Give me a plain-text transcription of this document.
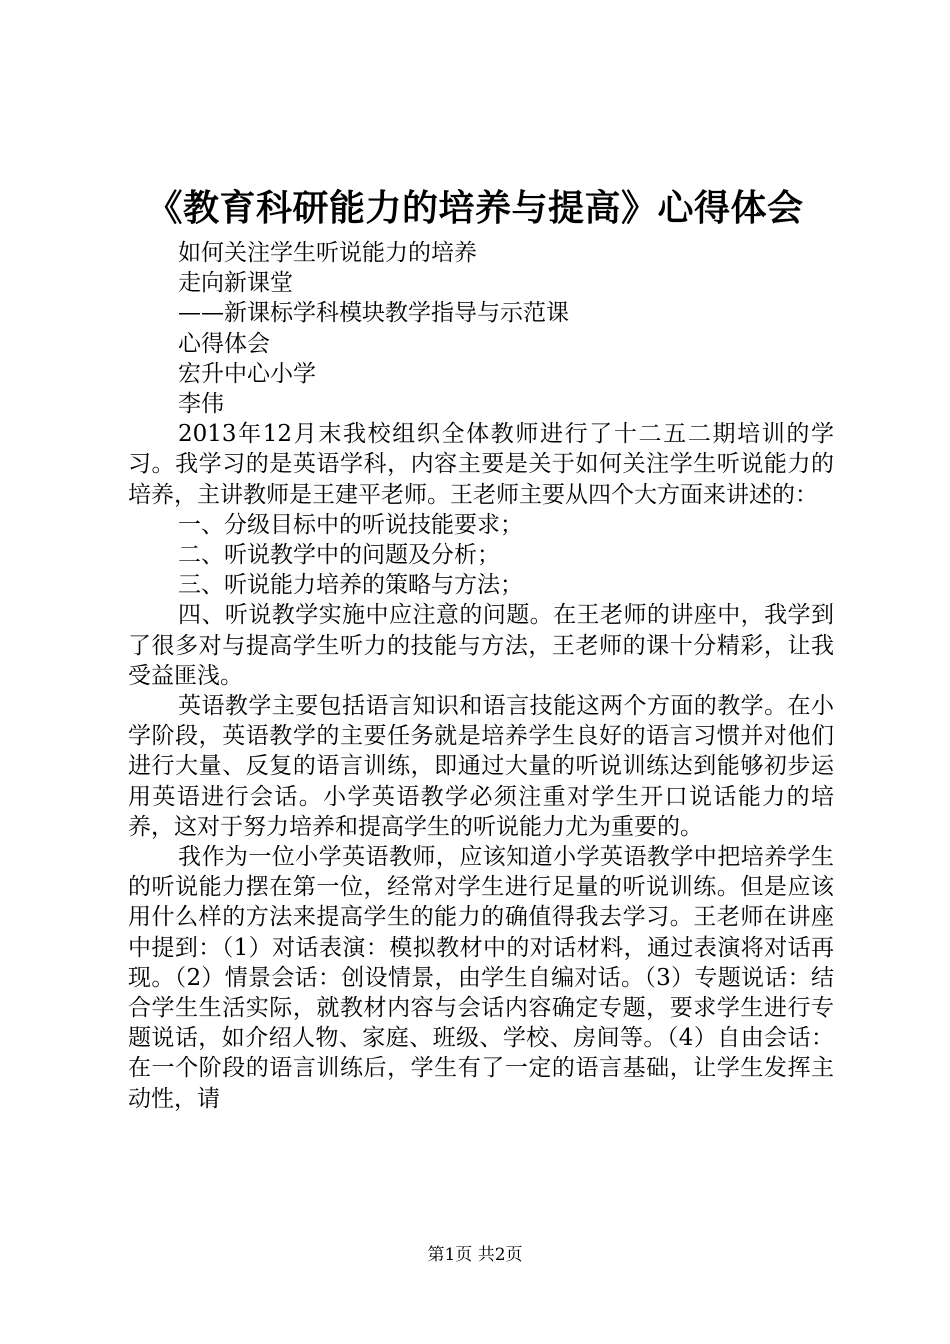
《教育科研能力的培养与提高》心得体会
如何关注学生听说能力的培养
走向新课堂
——新课标学科模块教学指导与示范课
心得体会
宏升中心小学
李伟

2013年12月末我校组织全体教师进行了十二五二期培训的学习。我学习的是英语学科，内容主要是关于如何关注学生听说能力的培养，主讲教师是王建平老师。王老师主要从四个大方面来讲述的：

一、分级目标中的听说技能要求；

二、听说教学中的问题及分析；

三、听说能力培养的策略与方法；

四、听说教学实施中应注意的问题。在王老师的讲座中，我学到了很多对与提高学生听力的技能与方法，王老师的课十分精彩，让我受益匪浅。

英语教学主要包括语言知识和语言技能这两个方面的教学。在小学阶段，英语教学的主要任务就是培养学生良好的语言习惯并对他们进行大量、反复的语言训练，即通过大量的听说训练达到能够初步运用英语进行会话。小学英语教学必须注重对学生开口说话能力的培养，这对于努力培养和提高学生的听说能力尤为重要的。

我作为一位小学英语教师，应该知道小学英语教学中把培养学生的听说能力摆在第一位，经常对学生进行足量的听说训练。但是应该用什么样的方法来提高学生的能力的确值得我去学习。王老师在讲座中提到：（1）对话表演：模拟教材中的对话材料，通过表演将对话再现。（2）情景会话：创设情景，由学生自编对话。（3）专题说话：结合学生生活实际，就教材内容与会话内容确定专题，要求学生进行专题说话，如介绍人物、家庭、班级、学校、房间等。（4）自由会话：在一个阶段的语言训练后，学生有了一定的语言基础，让学生发挥主动性，请

第1页 共2页
